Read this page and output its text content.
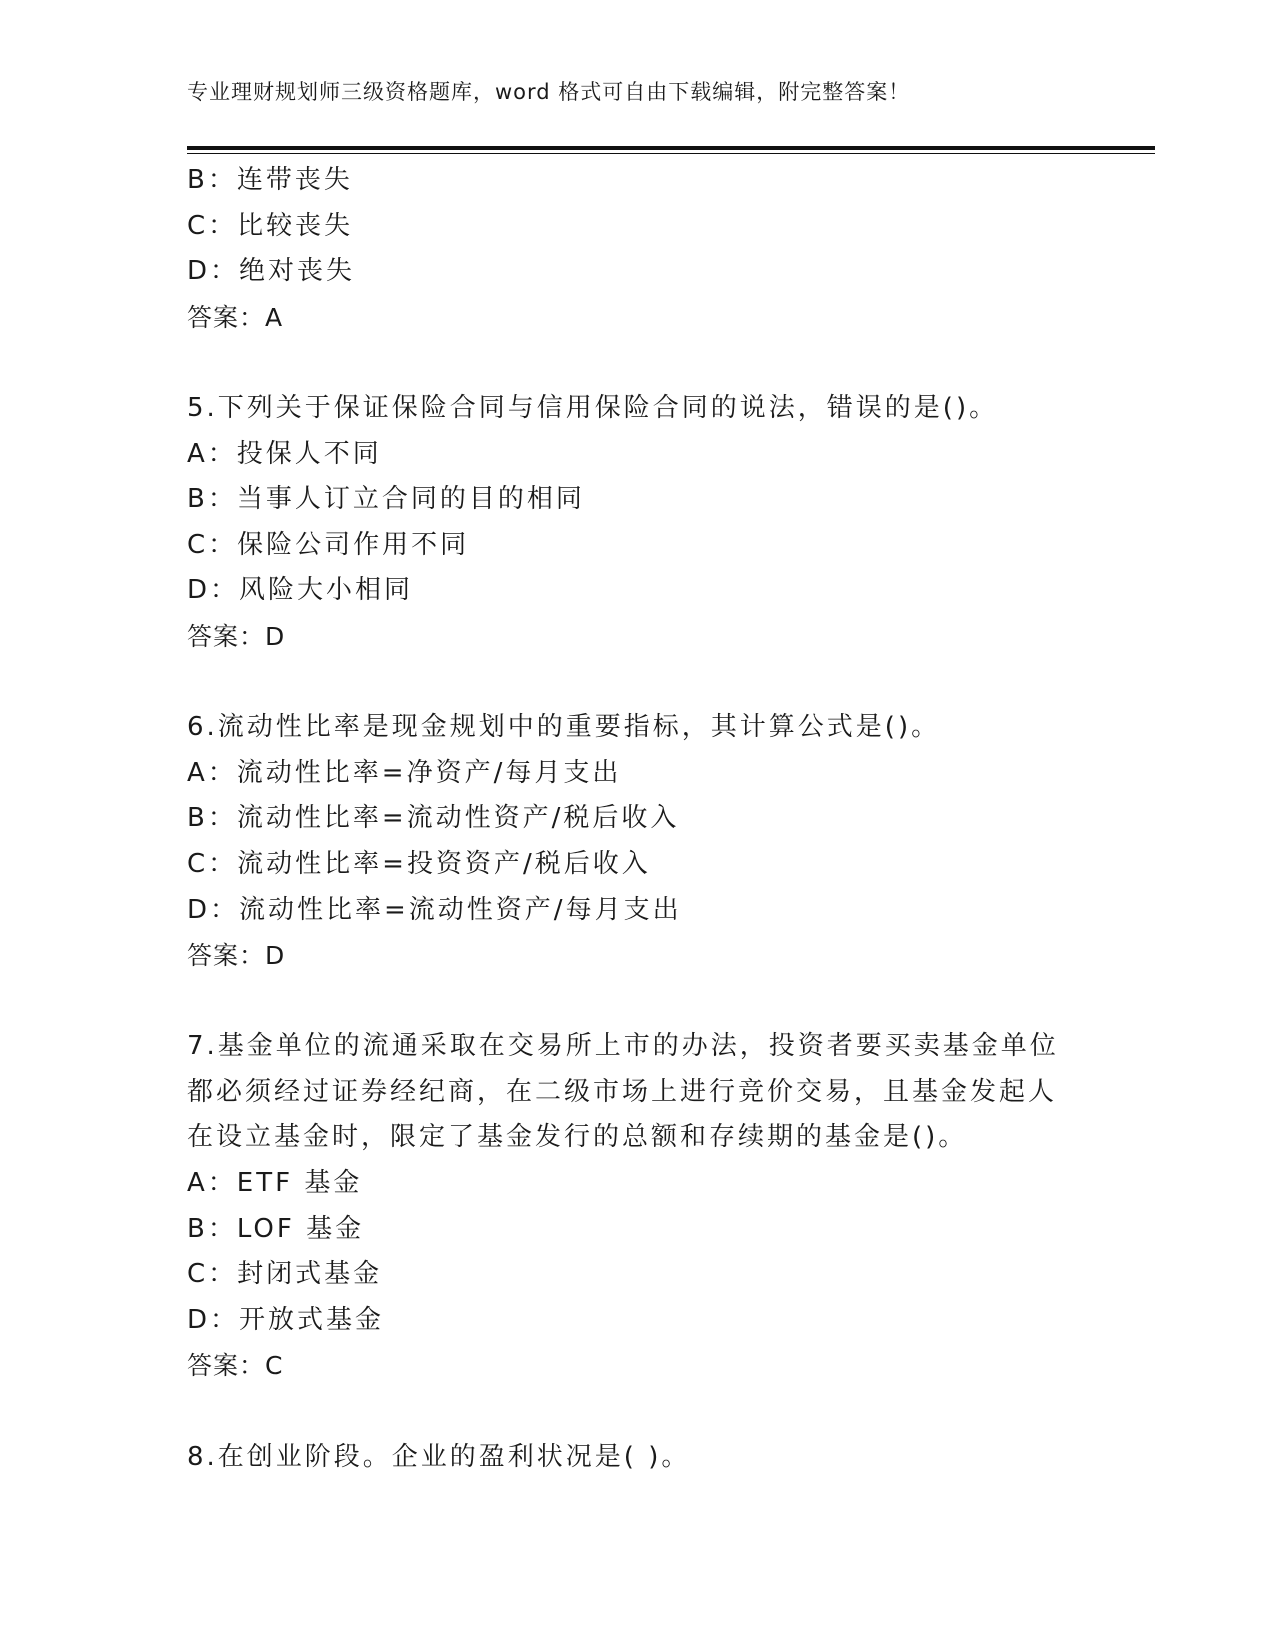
专业理财规划师三级资格题库，word 格式可自由下载编辑，附完整答案！
B：连带丧失
C：比较丧失
D：绝对丧失
答案：A
5.下列关于保证保险合同与信用保险合同的说法，错误的是()。
A：投保人不同
B：当事人订立合同的目的相同
C：保险公司作用不同
D：风险大小相同
答案：D
6.流动性比率是现金规划中的重要指标，其计算公式是()。
A：流动性比率=净资产/每月支出
B：流动性比率=流动性资产/税后收入
C：流动性比率=投资资产/税后收入
D：流动性比率=流动性资产/每月支出
答案：D
7.基金单位的流通采取在交易所上市的办法，投资者要买卖基金单位
都必须经过证券经纪商，在二级市场上进行竞价交易，且基金发起人
在设立基金时，限定了基金发行的总额和存续期的基金是()。
A：ETF 基金
B：LOF 基金
C：封闭式基金
D：开放式基金
答案：C
8.在创业阶段。企业的盈利状况是( )。
